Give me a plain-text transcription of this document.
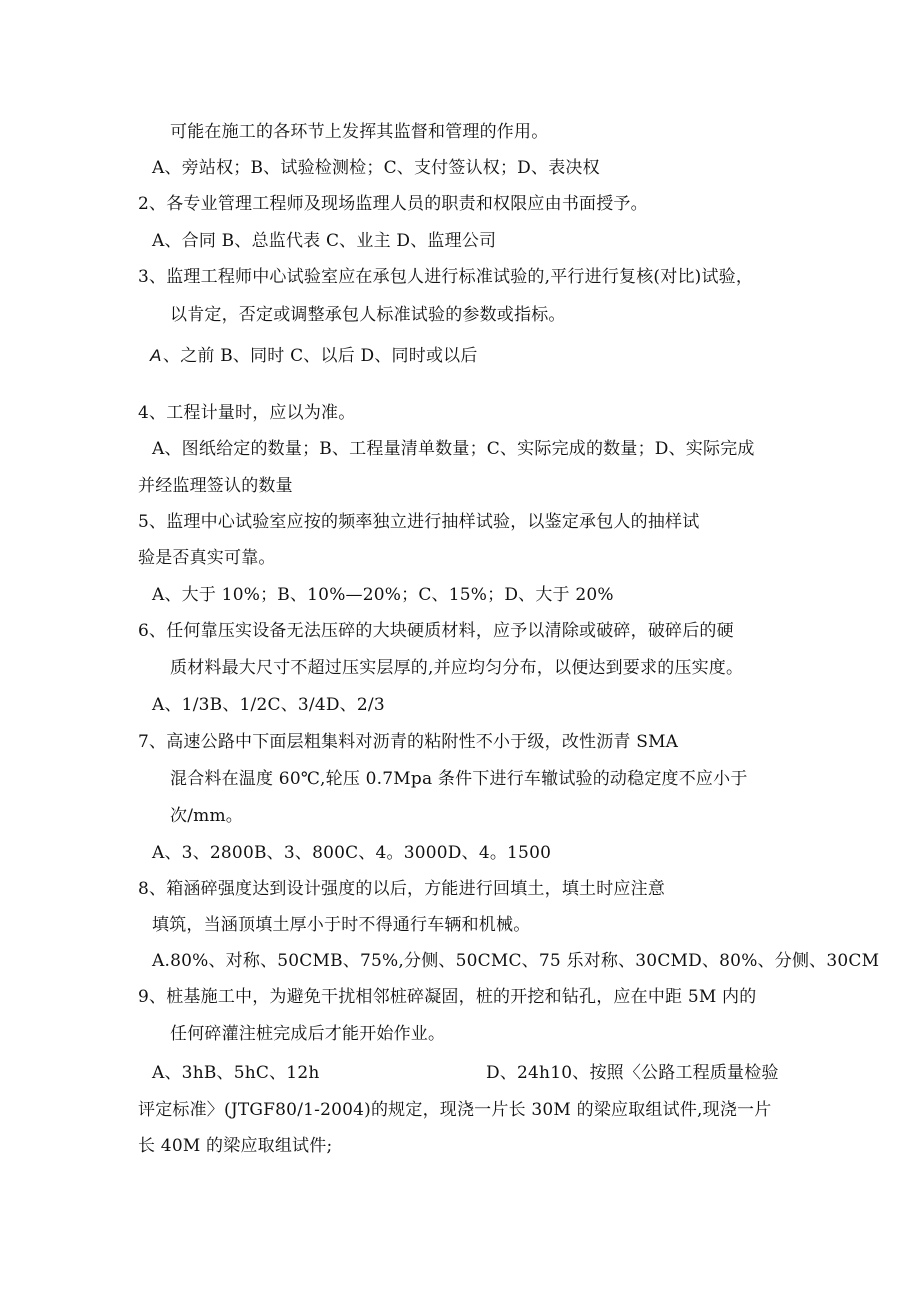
可能在施工的各环节上发挥其监督和管理的作用。
A、旁站权；B、试验检测检；C、支付签认权；D、表决权
2、各专业管理工程师及现场监理人员的职责和权限应由书面授予。
A、合同 B、总监代表 C、业主 D、监理公司
3、监理工程师中心试验室应在承包人进行标准试验的,平行进行复核(对比)试验，
以肯定，否定或调整承包人标准试验的参数或指标。
A 、之前 B、同时 C、以后 D、同时或以后
4、工程计量时，应以为准。
A、图纸给定的数量；B、工程量清单数量；C、实际完成的数量；D、实际完成
并经监理签认的数量
5、监理中心试验室应按的频率独立进行抽样试验，以鉴定承包人的抽样试
验是否真实可靠。
A、大于 10%；B、10%—20%；C、15%；D、大于 20%
6、任何靠压实设备无法压碎的大块硬质材料，应予以清除或破碎，破碎后的硬
质材料最大尺寸不超过压实层厚的,并应均匀分布，以便达到要求的压实度。
A、1/3B、1/2C、3/4D、2/3
7、高速公路中下面层粗集料对沥青的粘附性不小于级，改性沥青 SMA
混合料在温度 60℃,轮压 0.7Mpa 条件下进行车辙试验的动稳定度不应小于
次/mm。
A、3、2800B、3、800C、4。3000D、4。1500
8、箱涵碎强度达到设计强度的以后，方能进行回填土，填土时应注意
填筑，当涵顶填土厚小于时不得通行车辆和机械。
A.80%、对称、50CMB、75%,分侧、50CMC、75 乐对称、30CMD、80%、分侧、30CM
9、桩基施工中，为避免干扰相邻桩碎凝固，桩的开挖和钻孔，应在中距 5M 内的
任何碎灌注桩完成后才能开始作业。
A、3hB、5hC、12h	D、24h10、按照〈公路工程质量检验
评定标准〉(JTGF80/1-2004)的规定，现浇一片长 30M 的梁应取组试件,现浇一片
长 40M 的梁应取组试件;
